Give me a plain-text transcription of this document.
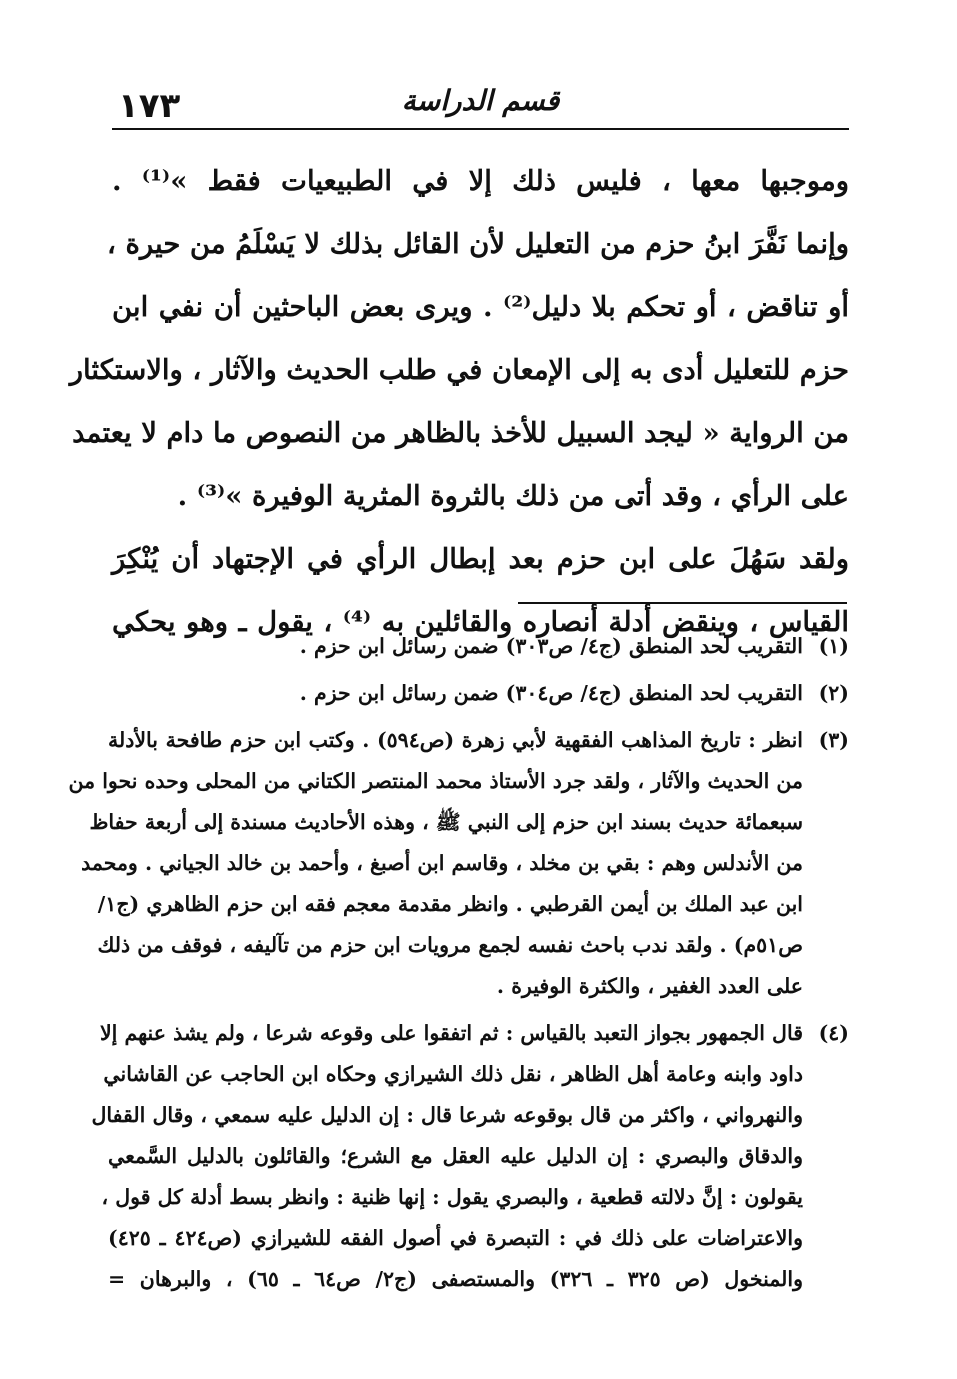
قسم الدراسة
١٧٣
وموجبها معها ، فليس ذلك إلا في الطبيعيات فقط »⁽¹⁾ .
وإنما نَفَّرَ ابنُ حزم من التعليل لأن القائل بذلك لا يَسْلَمُ من حيرة ،
أو تناقض ، أو تحكم بلا دليل⁽²⁾ . ويرى بعض الباحثين أن نفي ابن
حزم للتعليل أدى به إلى الإمعان في طلب الحديث والآثار ، والاستكثار
من الرواية « ليجد السبيل للأخذ بالظاهر من النصوص ما دام لا يعتمد
على الرأي ، وقد أتى من ذلك بالثروة المثرية الوفيرة »⁽³⁾ .
ولقد سَهُلَ على ابن حزم بعد إبطال الرأي في الإجتهاد أن يُنْكِرَ
القياس ، وينقض أدلة أنصاره والقائلين به ⁽⁴⁾ ، يقول ـ وهو يحكي
(١)
التقريب لحد المنطق (ج٤/ ص٣٠٣) ضمن رسائل ابن حزم .
(٢)
التقريب لحد المنطق (ج٤/ ص٣٠٤) ضمن رسائل ابن حزم .
(٣)
انظر : تاريخ المذاهب الفقهية لأبي زهرة (ص٥٩٤) . وكتب ابن حزم طافحة بالأدلة
من الحديث والآثار ، ولقد جرد الأستاذ محمد المنتصر الكتاني من المحلى وحده نحوا من
سبعمائة حديث بسند ابن حزم إلى النبي ﷺ ، وهذه الأحاديث مسندة إلى أربعة حفاظ
من الأندلس وهم : بقي بن مخلد ، وقاسم ابن أصبغ ، وأحمد بن خالد الجياني . ومحمد
ابن عبد الملك بن أيمن القرطبي . وانظر مقدمة معجم فقه ابن حزم الظاهري (ج١/
ص٥١م) . ولقد ندب باحث نفسه لجمع مرويات ابن حزم من تآليفه ، فوقف من ذلك
على العدد الغفير ، والكثرة الوفيرة .
(٤)
قال الجمهور بجواز التعبد بالقياس : ثم اتفقوا على وقوعه شرعا ، ولم يشذ عنهم إلا
داود وابنه وعامة أهل الظاهر ، نقل ذلك الشيرازي وحكاه ابن الحاجب عن القاشاني
والنهرواني ، واكثر من قال بوقوعه شرعا قال : إن الدليل عليه سمعي ، وقال القفال
والدقاق والبصري : إن الدليل عليه العقل مع الشرع؛ والقائلون بالدليل السَّمعي
يقولون : إنَّ دلالته قطعية ، والبصري يقول : إنها ظنية : وانظر بسط أدلة كل قول ،
والاعتراضات على ذلك في : التبصرة في أصول الفقه للشيرازي (ص٤٢٤ ـ ٤٢٥)
والمنخول (ص ٣٢٥ ـ ٣٢٦) والمستصفى (ج٢/ ص٦٤ ـ ٦٥) ، والبرهان =
